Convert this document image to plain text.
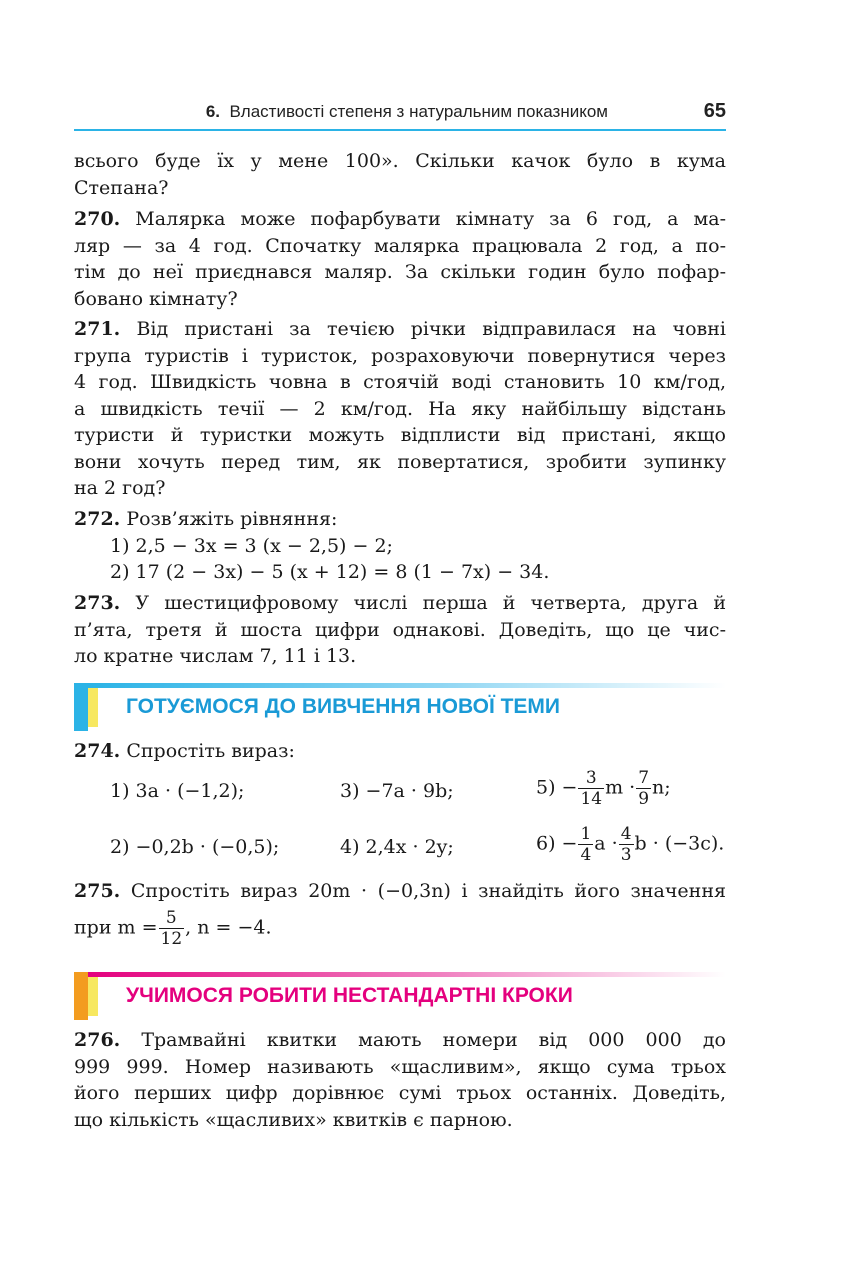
6. Властивості степеня з натуральним показником	65
всього буде їх у мене 100». Скільки качок було в кума
Степана?
270. Малярка може пофарбувати кімнату за 6 год, а ма-
ляр — за 4 год. Спочатку малярка працювала 2 год, а по-
тім до неї приєднався маляр. За скільки годин було пофар-
бовано кімнату?
271. Від пристані за течією річки відправилася на човні
група туристів і туристок, розраховуючи повернутися через
4 год. Швидкість човна в стоячій воді становить 10 км/год,
а швидкість течії — 2 км/год. На яку найбільшу відстань
туристи й туристки можуть відплисти від пристані, якщо
вони хочуть перед тим, як повертатися, зробити зупинку
на 2 год?
272. Розв’яжіть рівняння:
1) 2,5 − 3x = 3 (x − 2,5) − 2;
2) 17 (2 − 3x) − 5 (x + 12) = 8 (1 − 7x) − 34.
273. У шестицифровому числі перша й четверта, друга й
п’ята, третя й шоста цифри однакові. Доведіть, що це чис-
ло кратне числам 7, 11 і 13.
ГОТУЄМОСЯ ДО ВИВЧЕННЯ НОВОЇ ТЕМИ
274. Спростіть вираз:
1) 3a · (−1,2);	3) −7a · 9b;	$5) - \frac{3}{14}$ $m \cdot \frac{7}{9} n$;
2) −0,2b · (−0,5);	4) 2,4x · 2y;	$6) - \frac{1}{4}$ $a \cdot \frac{4}{3}$ b · (−3c).
275. Спростіть вираз 20m · (−0,3n) і знайдіть його значення
при $m = \frac{5}{12}$ , n = −4.
УЧИМОСЯ РОБИТИ НЕСТАНДАРТНІ КРОКИ
276. Трамвайні квитки мають номери від 000 000 до
999 999. Номер називають «щасливим», якщо сума трьох
його перших цифр дорівнює сумі трьох останніх. Доведіть,
що кількість «щасливих» квитків є парною.
